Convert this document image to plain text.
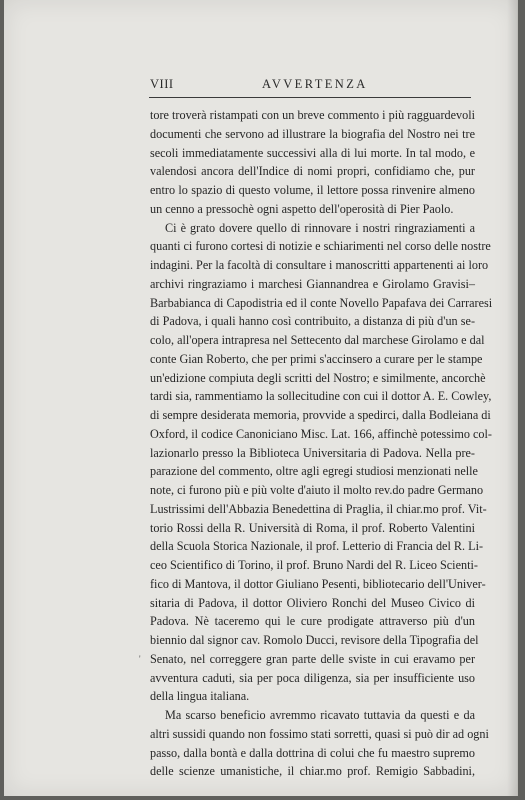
VIII	AVVERTENZA
'
tore troverà ristampati con un breve commento i più ragguardevoli
documenti che servono ad illustrare la biografia del Nostro nei tre
secoli immediatamente successivi alla di lui morte. In tal modo, e
valendosi ancora dell'Indice di nomi propri, confidiamo che, pur
entro lo spazio di questo volume, il lettore possa rinvenire almeno
un cenno a pressochè ogni aspetto dell'operosità di Pier Paolo.
Ci è grato dovere quello di rinnovare i nostri ringraziamenti a
quanti ci furono cortesi di notizie e schiarimenti nel corso delle nostre
indagini. Per la facoltà di consultare i manoscritti appartenenti ai loro
archivi ringraziamo i marchesi Giannandrea e Girolamo Gravisi–
Barbabianca di Capodistria ed il conte Novello Papafava dei Carraresi
di Padova, i quali hanno così contribuito, a distanza di più d'un se-
colo, all'opera intrapresa nel Settecento dal marchese Girolamo e dal
conte Gian Roberto, che per primi s'accinsero a curare per le stampe
un'edizione compiuta degli scritti del Nostro; e similmente, ancorchè
tardi sia, rammentiamo la sollecitudine con cui il dottor A. E. Cowley,
di sempre desiderata memoria, provvide a spedirci, dalla Bodleiana di
Oxford, il codice Canoniciano Misc. Lat. 166, affinchè potessimo col-
lazionarlo presso la Biblioteca Universitaria di Padova. Nella pre-
parazione del commento, oltre agli egregi studiosi menzionati nelle
note, ci furono più e più volte d'aiuto il molto rev.do padre Germano
Lustrissimi dell'Abbazia Benedettina di Praglia, il chiar.mo prof. Vit-
torio Rossi della R. Università di Roma, il prof. Roberto Valentini
della Scuola Storica Nazionale, il prof. Letterio di Francia del R. Li-
ceo Scientifico di Torino, il prof. Bruno Nardi del R. Liceo Scienti-
fico di Mantova, il dottor Giuliano Pesenti, bibliotecario dell'Univer-
sitaria di Padova, il dottor Oliviero Ronchi del Museo Civico di
Padova. Nè taceremo qui le cure prodigate attraverso più d'un
biennio dal signor cav. Romolo Ducci, revisore della Tipografia del
Senato, nel correggere gran parte delle sviste in cui eravamo per
avventura caduti, sia per poca diligenza, sia per insufficiente uso
della lingua italiana.
Ma scarso beneficio avremmo ricavato tuttavia da questi e da
altri sussidi quando non fossimo stati sorretti, quasi si può dir ad ogni
passo, dalla bontà e dalla dottrina di colui che fu maestro supremo
delle scienze umanistiche, il chiar.mo prof. Remigio Sabbadini,
